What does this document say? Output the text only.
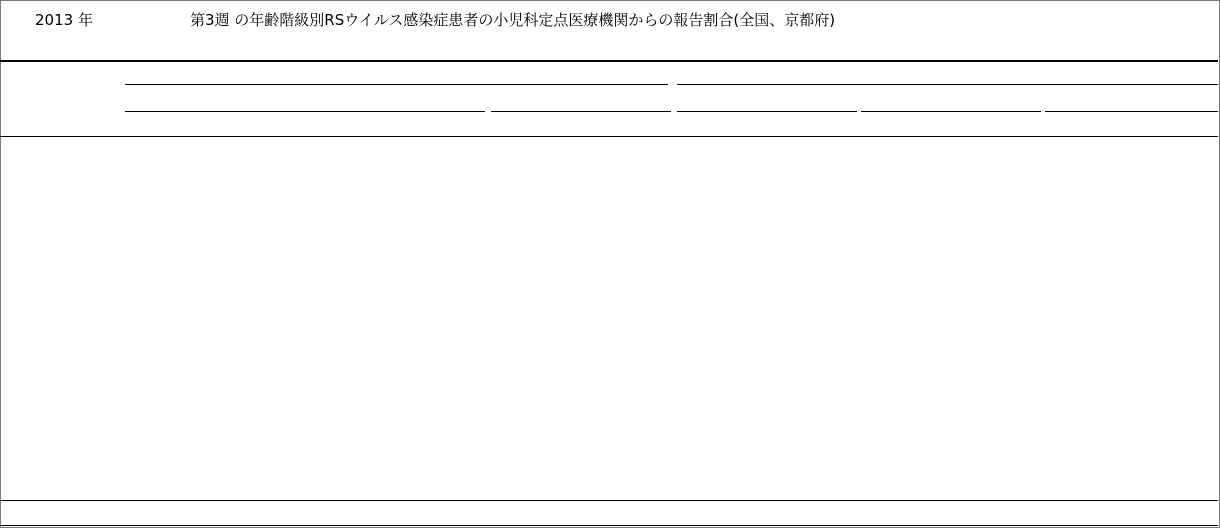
2013 年	第3週 の年齢階級別RSウイルス感染症患者の小児科定点医療機関からの報告割合(全国、京都府)
